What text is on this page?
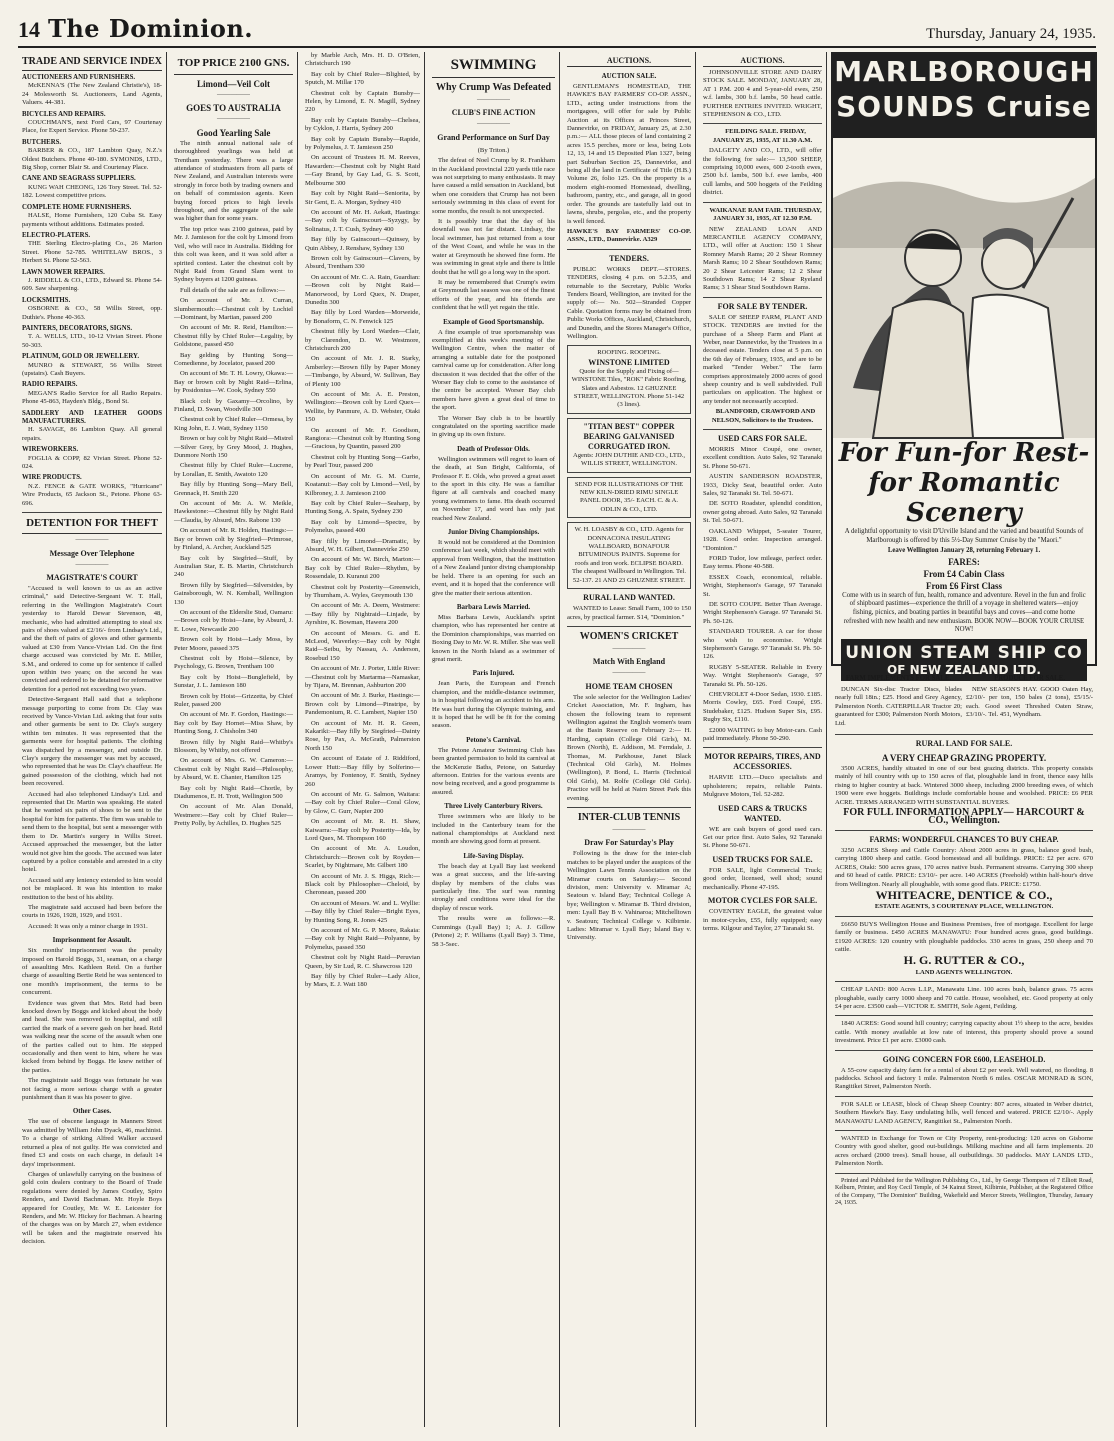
14 The Dominion.	Thursday, January 24, 1935.
TRADE AND SERVICE INDEX
AUCTIONEERS AND FURNISHERS.
McKENNA'S (The New Zealand Christie's), 18-24 Molesworth St. Auctioneers, Land Agents, Valuers. 44-381.
BICYCLES AND REPAIRS.
COUCHMAN'S, next Ford Cars, 97 Courtenay Place, for Expert Service. Phone 50-237.
BUTCHERS.
BARBER & CO., 187 Lambton Quay, N.Z.'s Oldest Butchers. Phone 40-180. SYMONDS, LTD., Big Shop, corner Blair St. and Courtenay Place.
CANE AND SEAGRASS SUPPLIERS.
KUNG WAH CHEONG, 126 Tory Street. Tel. 52-182. Lowest competitive prices.
COMPLETE HOME FURNISHERS.
HALSE, Home Furnishers, 120 Cuba St. Easy payments without additions. Estimates posted.
ELECTRO-PLATERS.
THE Sterling Electro-plating Co., 26 Marion Street. Phone 52-785. WHITELAW BROS., 3 Herbert St. Phone 52-563.
LAWN MOWER REPAIRS.
J. RIDDELL & CO., LTD., Edward St. Phone 54-609. Saw sharpening.
LOCKSMITHS.
OSBORNE & CO., 58 Willis Street, opp. Duthie's. Phone 40-363.
PAINTERS, DECORATORS, SIGNS.
T. A. WELLS, LTD., 10-12 Vivian Street. Phone 50-303.
PLATINUM, GOLD OR JEWELLERY.
MUNRO & STEWART, 56 Willis Street (upstairs). Cash Buyers.
RADIO REPAIRS.
MEGAN'S Radio Service for all Radio Repairs. Phone 45-863, Hayden's Bldg., Bond St.
SADDLERY AND LEATHER GOODS MANUFACTURERS.
H. SAVAGE, 86 Lambton Quay. All general repairs.
WIREWORKERS.
FOGLIA & COPP, 82 Vivian Street. Phone 52-024.
WIRE PRODUCTS.
N.Z. FENCE & GATE WORKS, "Hurricane" Wire Products, 65 Jackson St., Petone. Phone 63-696.
DETENTION FOR THEFT
—————
Message Over Telephone
—————
MAGISTRATE'S COURT
"Accused is well known to us as an active criminal," said Detective-Sergeant W. T. Hall, referring in the Wellington Magistrate's Court yesterday to Harold Dewar Stevenson, 48, mechanic, who had admitted attempting to steal six pairs of shoes valued at £2/16/- from Lindsay's Ltd., and the theft of pairs of gloves and other garments valued at £30 from Vance-Vivian Ltd. On the first charge accused was convicted by Mr. E. Miller, S.M., and ordered to come up for sentence if called upon within two years; on the second he was convicted and ordered to be detained for reformative detention for a period not exceeding two years.
Detective-Sergeant Hall said that a telephone message purporting to come from Dr. Clay was received by Vance-Vivian Ltd. asking that four suits and other garments be sent to Dr. Clay's surgery within ten minutes. It was represented that the garments were for hospital patients. The clothing was dispatched by a messenger, and outside Dr. Clay's surgery the messenger was met by accused, who represented that he was Dr. Clay's chauffeur. He gained possession of the clothing, which had not been recovered.
Accused had also telephoned Lindsay's Ltd. and represented that Dr. Martin was speaking. He stated that he wanted six pairs of shoes to be sent to the hospital for him for patients. The firm was unable to send them to the hospital, but sent a messenger with them to Dr. Martin's surgery in Willis Street. Accused approached the messenger, but the latter would not give him the goods. The accused was later captured by a police constable and arrested in a city hotel.
Accused said any leniency extended to him would not be misplaced. It was his intention to make restitution to the best of his ability.
The magistrate said accused had been before the courts in 1926, 1928, 1929, and 1931.
Accused: It was only a minor charge in 1931.
Imprisonment for Assault.
Six months' imprisonment was the penalty imposed on Harold Boggs, 31, seaman, on a charge of assaulting Mrs. Kathleen Reid. On a further charge of assaulting Bertie Reid he was sentenced to one month's imprisonment, the terms to be concurrent.
Evidence was given that Mrs. Reid had been knocked down by Boggs and kicked about the body and head. She was removed to hospital, and still carried the mark of a severe gash on her head. Reid was walking near the scene of the assault when one of the parties called out to him. He stepped occasionally and then went to him, where he was kicked from behind by Boggs. He knew neither of the parties.
The magistrate said Boggs was fortunate he was not facing a more serious charge with a greater punishment than it was his power to give.
Other Cases.
The use of obscene language in Manners Street was admitted by William John Dyack, 46, machinist. To a charge of striking Alfred Walker accused returned a plea of not guilty. He was convicted and fined £3 and costs on each charge, in default 14 days' imprisonment.
Charges of unlawfully carrying on the business of gold coin dealers contrary to the Board of Trade regulations were denied by James Coutley, Spiro Renders, and David Bachman. Mr. Hoyle Boys appeared for Coutley, Mr. W. E. Leicester for Renders, and Mr. W. Hickey for Bachman. A hearing of the charges was on by March 27, when evidence will be taken and the magistrate reserved his decision.
TOP PRICE 2100 GNS.
Limond—Veil Colt
—————
GOES TO AUSTRALIA
—————
Good Yearling Sale
The ninth annual national sale of thoroughbred yearlings was held at Trentham yesterday. There was a large attendance of studmasters from all parts of New Zealand, and Australian interests were strongly in force both by trading owners and on behalf of commission agents. Keen buying forced prices to high levels throughout, and the aggregate of the sale was higher than for some years.
The top price was 2100 guineas, paid by Mr. J. Jamieson for the colt by Limond from Veil, who will race in Australia. Bidding for this colt was keen, and it was sold after a spirited contest. Later the chestnut colt by Night Raid from Grand Slam went to Sydney buyers at 1200 guineas.
Full details of the sale are as follows:—
On account of Mr. J. Curran, Slumbermouth:—Chestnut colt by Lochiel—Dominant, by Martian, passed 200
On account of Mr. R. Reid, Hamilton:—Chestnut filly by Chief Ruler—Legality, by Goldstone, passed 450
Bay gelding by Hunting Song—Comedienne, by Jocelator, passed 200
On account of Mr. T. H. Lowry, Okawa:—Bay or brown colt by Night Raid—Erlina, by Posidonius—W. Cook, Sydney 550
Black colt by Gaxamy—Orcolino, by Finland, D. Swan, Woodville 300
Chestnut colt by Chief Ruler—Ormesa, by King John, E. J. Watt, Sydney 1150
Brown or bay colt by Night Raid—Mistrel—Silver Grey, by Grey Mood, J. Hughes, Dunmore North 150
Chestnut filly by Chief Ruler—Lucrene, by Lorallan, E. Smith, Awatoto 120
Bay filly by Hunting Song—Mary Bell, Grennack, H. Smith 220
On account of Mr. A. W. Meikle, Hawkestone:—Chestnut filly by Night Raid—Claudia, by Absurd, Mrs. Rabone 130
On account of Mr. R. Holden, Hastings:—Bay or brown colt by Siegfried—Primrose, by Finland, A. Archer, Auckland 525
Bay colt by Siegfried—Stuff, by Australian Star, E. B. Martin, Christchurch 240
Brown filly by Siegfried—Silversides, by Gainsborough, W. N. Kemball, Wellington 130
On account of the Elderslie Stud, Oamaru:—Brown colt by Hoist—Jane, by Absurd, J. E. Lowe, Newcastle 200
Brown colt by Hoist—Lady Moss, by Peter Moore, passed 375
Chestnut colt by Hoist—Silence, by Psychology, G. Brown, Trentham 100
Bay colt by Hoist—Bunglefield, by Sunstar, J. L. Jamieson 180
Brown colt by Hoist—Grizzetta, by Chief Ruler, passed 200
On account of Mr. F. Gordon, Hastings:—Bay colt by Bay Hornet—Miss Shaw, by Hunting Song, J. Chisholm 340
Brown filly by Night Raid—Whitby's Blossom, by Whitby, not offered
On account of Mrs. G. W. Cameron:—Chestnut colt by Night Raid—Philosophy, by Absurd, W. E. Chanter, Hamilton 125
Bay colt by Night Raid—Chortle, by Diadumenos, E. H. Trott, Wellington 500
On account of Mr. Alan Donald, Westmere:—Bay colt by Chief Ruler—Pretty Polly, by Achilles, D. Hughes 525
by Marble Arch, Mrs. H. D. O'Brien, Christchurch 190
Bay colt by Chief Ruler—Blighted, by Sputch, M. Millar 170
Chestnut colt by Captain Bunsby—Helen, by Limond, E. N. Magill, Sydney 220
Bay colt by Captain Bunsby—Chelsea, by Cyklon, J. Harris, Sydney 200
Bay colt by Captain Bunsby—Rapide, by Polymelus, J. T. Jamieson 250
On account of Trustees H. M. Reeves, Hawarden:—Chestnut colt by Night Raid—Gay Brand, by Gay Lad, G. S. Scott, Melbourne 300
Bay colt by Night Raid—Seniorita, by Sir Gent, E. A. Morgan, Sydney 410
On account of Mr. H. Aekatt, Hastings:—Bay colt by Gainscourt—Syzygy, by Solinatus, J. T. Cush, Sydney 400
Bay filly by Gainscourt—Quinsey, by Quin Abbey, J. Renshaw, Sydney 130
Brown colt by Gainscourt—Clavers, by Absurd, Trentham 330
On account of Mr. C. A. Rain, Guardian:—Brown colt by Night Raid—Manorwood, by Lord Quex, N. Draper, Dunedin 300
Bay filly by Lord Warden—Morweide, by Bonaform, C. N. Fenwick 125
Chestnut filly by Lord Warden—Clair, by Clarendon, D. W. Westmore, Christchurch 200
On account of Mr. J. R. Starky, Amberley:—Brown filly by Paper Money—Timbango, by Absurd, W. Sullivan, Bay of Plenty 100
On account of Mr. A. E. Preston, Wellington:—Brown colt by Lord Quex—Wellite, by Panmure, A. D. Webster, Otaki 150
On account of Mr. F. Goodison, Rangiora:—Chestnut colt by Hunting Song—Gracious, by Quantin, passed 200
Chestnut colt by Hunting Song—Garbo, by Pearl Tour, passed 200
On account of Mr. G. M. Currie, Koatanui:—Bay colt by Limond—Veil, by Kilbroney, J. J. Jamieson 2100
Bay colt by Chief Ruler—Seaharp, by Hunting Song, A. Spain, Sydney 230
Bay colt by Limond—Spectre, by Polymelus, passed 400
Bay filly by Limond—Dramatic, by Absurd, W. H. Gilbert, Dannevirke 250
On account of Mr. W. Birch, Marton:—Bay colt by Chief Ruler—Rhythm, by Rossendale, D. Kuranui 200
Chestnut colt by Posterity—Greenwich, by Thurnham, A. Wyles, Greymouth 130
On account of Mr. A. Deem, Westmere:—Bay filly by Nightraid—Linjade, by Ayrshire, K. Bowman, Hawera 200
On account of Messrs. G. and E. McLeod, Waverley:—Bay colt by Night Raid—Seibu, by Nassau, A. Anderson, Rosebud 150
On account of Mr. J. Porter, Little River:—Chestnut colt by Martarma—Namaskar, by Tijara, M. Brennan, Ashburton 200
On account of Mr. J. Burke, Hastings:—Brown colt by Limond—Pinstripe, by Pandemonium, R. C. Lambert, Napier 150
On account of Mr. H. R. Green, Kakariki:—Bay filly by Siegfried—Dainty Rose, by Pax, A. McGrath, Palmerston North 150
On account of Estate of J. Riddiford, Lower Hutt:—Bay filly by Solferino—Aramys, by Fontenoy, F. Smith, Sydney 260
On account of Mr. G. Salmon, Waitara:—Bay colt by Chief Ruler—Coral Glow, by Glow, C. Gurr, Napier 200
On account of Mr. R. H. Shaw, Kaiwarra:—Bay colt by Posterity—Ida, by Lord Quex, M. Thompson 160
On account of Mr. A. Loudon, Christchurch:—Brown colt by Royden—Scarlet, by Nightmare, Mr. Gilbert 180
On account of Mr. J. S. Higgs, Rich:—Black colt by Philosopher—Cheloid, by Cheronean, passed 200
On account of Messrs. W. and L. Wyllie:—Bay filly by Chief Ruler—Bright Eyes, by Hunting Song, R. Jones 425
On account of Mr. G. P. Moore, Rakaia:—Bay colt by Night Raid—Polyanne, by Polymelus, passed 350
Chestnut colt by Night Raid—Peruvian Queen, by Sir Lud, R. C. Shawcross 120
Bay filly by Chief Ruler—Lady Alice, by Mars, E. J. Watt 180
SWIMMING
Why Crump Was Defeated
—————
CLUB'S FINE ACTION
—————
Grand Performance on Surf Day
(By Triton.)
The defeat of Noel Crump by R. Frankham in the Auckland provincial 220 yards title race was not surprising to many enthusiasts. It may have caused a mild sensation in Auckland, but when one considers that Crump has not been seriously swimming in this class of event for some months, the result is not unexpected.
It is possibly true that the day of his downfall was not far distant. Lindsay, the local swimmer, has just returned from a tour of the West Coast, and while he was in the water at Greymouth he showed fine form. He was swimming in great style and there is little doubt that he will go a long way in the sport.
It may be remembered that Crump's swim at Greymouth last season was one of the finest efforts of the year, and his friends are confident that he will yet regain the title.
Example of Good Sportsmanship.
A fine example of true sportsmanship was exemplified at this week's meeting of the Wellington Centre, when the matter of arranging a suitable date for the postponed carnival came up for consideration. After long discussion it was decided that the offer of the Worser Bay club to come to the assistance of the centre be accepted. Worser Bay club members have given a great deal of time to the sport.
The Worser Bay club is to be heartily congratulated on the sporting sacrifice made in giving up its own fixture.
Death of Professor Olds.
Wellington swimmers will regret to learn of the death, at Sun Bright, California, of Professor F. E. Olds, who proved a great asset to the sport in this city. He was a familiar figure at all carnivals and coached many young swimmers to fame. His death occurred on November 17, and word has only just reached New Zealand.
Junior Diving Championships.
It would not be considered at the Dominion conference last week, which should meet with approval from Wellington, that the institution of a New Zealand junior diving championship be held. There is an opening for such an event, and it is hoped that the conference will give the matter their serious attention.
Barbara Lewis Married.
Miss Barbara Lewis, Auckland's sprint champion, who has represented her centre at the Dominion championships, was married on Boxing Day to Mr. W. R. Miller. She was well known in the North Island as a swimmer of great merit.
Paris Injured.
Jean Paris, the European and French champion, and the middle-distance swimmer, is in hospital following an accident to his arm. He was hurt during the Olympic training, and it is hoped that he will be fit for the coming season.
Petone's Carnival.
The Petone Amateur Swimming Club has been granted permission to hold its carnival at the McKenzie Baths, Petone, on Saturday afternoon. Entries for the various events are now being received, and a good programme is assured.
Three Lively Canterbury Rivers.
Three swimmers who are likely to be included in the Canterbury team for the national championships at Auckland next month are showing good form at present.
Life-Saving Display.
The beach day at Lyall Bay last weekend was a great success, and the life-saving display by members of the clubs was particularly fine. The surf was running strongly and conditions were ideal for the display of rescue work.
The results were as follows:—R. Cummings (Lyall Bay) 1; A. J. Gillow (Petone) 2; F. Williams (Lyall Bay) 3. Time, 58 3-5sec.
AUCTIONS.
AUCTION SALE.
GENTLEMAN'S HOMESTEAD, THE HAWKE'S BAY FARMERS' CO-OP. ASSN., LTD., acting under instructions from the mortgagees, will offer for sale by Public Auction at its Offices at Princes Street, Dannevirke, on FRIDAY, January 25, at 2.30 p.m.:— ALL those pieces of land containing 2 acres 15.5 perches, more or less, being Lots 12, 13, 14 and 15 Deposited Plan 1327, being part Suburban Section 25, Dannevirke, and being all the land in Certificate of Title (H.B.) Volume 26, folio 125. On the property is a modern eight-roomed Homestead, dwelling, bathroom, pantry, etc., and garage, all in good order. The grounds are tastefully laid out in lawns, shrubs, pergolas, etc., and the property is well fenced.
HAWKE'S BAY FARMERS' CO-OP. ASSN., LTD., Dannevirke. A329
TENDERS.
PUBLIC WORKS DEPT.—STORES. TENDERS, closing 4 p.m. on 5.2.35, and returnable to the Secretary, Public Works Tenders Board, Wellington, are invited for the supply of:— No. 502—Stranded Copper Cable. Quotation forms may be obtained from Public Works Offices, Auckland, Christchurch, and Dunedin, and the Stores Manager's Office, Wellington.
ROOFING. ROOFING.
WINSTONE LIMITED
Quote for the Supply and Fixing of—WINSTONE Tiles, "ROK" Fabric Roofing, Slates and Asbestos. 12 GHUZNEE STREET, WELLINGTON. Phone 51-142 (3 lines).
"TITAN BEST" COPPER BEARING GALVANISED CORRUGATED IRON.
Agents: JOHN DUTHIE AND CO., LTD., WILLIS STREET, WELLINGTON.
SEND FOR ILLUSTRATIONS OF THE NEW KILN-DRIED RIMU SINGLE PANEL DOOR, 35/- EACH. C. & A. ODLIN & CO., LTD.
W. H. LOASBY & CO., LTD. Agents for DONNACONA INSULATING WALLBOARD, BONAFOUR BITUMINOUS PAINTS. Supreme for roofs and iron work. ECLIPSE BOARD. The cheapest Wallboard in Wellington. Tel. 52-137. 21 AND 23 GHUZNEE STREET.
RURAL LAND WANTED.
WANTED to Lease: Small Farm, 100 to 150 acres, by practical farmer. S14, "Dominion."
WOMEN'S CRICKET
—————
Match With England
—————
HOME TEAM CHOSEN
The sole selector for the Wellington Ladies' Cricket Association, Mr. F. Ingham, has chosen the following team to represent Wellington against the English women's team at the Basin Reserve on February 2:— H. Harding, captain (College Old Girls), M. Brown (North), E. Addison, M. Ferndale, J. Thomas, M. Parkhouse, Janet Black (Technical Old Girls), M. Holmes (Wellington), P. Bond, L. Harris (Technical Old Girls), M. Rolfe (College Old Girls). Practice will be held at Nairn Street Park this evening.
INTER-CLUB TENNIS
—————
Draw For Saturday's Play
Following is the draw for the inter-club matches to be played under the auspices of the Wellington Lawn Tennis Association on the Miramar courts on Saturday:— Second division, men: University v. Miramar A; Seatoun v. Island Bay; Technical College A bye; Wellington v. Miramar B. Third division, men: Lyall Bay B v. Vahinaroa; Mitchelltown v. Seatoun; Technical College v. Kilbirnie. Ladies: Miramar v. Lyall Bay; Island Bay v. University.
AUCTIONS.
JOHNSONVILLE STORE AND DAIRY STOCK SALE. MONDAY, JANUARY 28, AT 1 P.M. 200 4 and 5-year-old ewes, 250 w.f. lambs, 300 b.f. lambs, 50 head cattle. FURTHER ENTRIES INVITED. WRIGHT, STEPHENSON & CO., LTD.
FEILDING SALE. FRIDAY, JANUARY 25, 1935, AT 11.30 A.M.
DALGETY AND CO., LTD., will offer the following for sale:— 13,500 SHEEP, comprising 10,000 ewes, 600 2-tooth ewes, 2500 b.f. lambs, 500 b.f. ewe lambs, 400 cull lambs, and 500 hoggets of the Feilding district.
WAIKANAE RAM FAIR. THURSDAY, JANUARY 31, 1935, AT 12.30 P.M.
NEW ZEALAND LOAN AND MERCANTILE AGENCY COMPANY, LTD., will offer at Auction: 150 1 Shear Romney Marsh Rams; 20 2 Shear Romney Marsh Rams; 10 2 Shear Southdown Rams; 20 2 Shear Leicester Rams; 12 2 Shear Southdown Rams; 14 2 Shear Ryeland Rams; 3 1 Shear Stud Southdown Rams.
FOR SALE BY TENDER.
SALE OF SHEEP FARM, PLANT AND STOCK. TENDERS are invited for the purchase of a Sheep Farm and Plant at Weber, near Dannevirke, by the Trustees in a deceased estate. Tenders close at 5 p.m. on the 6th day of February, 1935, and are to be marked "Tender Weber." The farm comprises approximately 2000 acres of good sheep country and is well subdivided. Full particulars on application. The highest or any tender not necessarily accepted.
BLANDFORD, CRAWFORD AND NELSON, Solicitors to the Trustees.
USED CARS FOR SALE.
MORRIS Minor Coupé, one owner, excellent condition. Auto Sales, 92 Taranaki St. Phone 50-671.
AUSTIN SANDERSON ROADSTER, 1933, Dicky Seat, beautiful order. Auto Sales, 92 Taranaki St. Tel. 50-671.
DE SOTO Roadster, splendid condition, owner going abroad. Auto Sales, 92 Taranaki St. Tel. 50-671.
OAKLAND Whippet, 5-seater Tourer, 1928. Good order. Inspection arranged. "Dominion."
FORD Tudor, low mileage, perfect order. Easy terms. Phone 40-588.
ESSEX Coach, economical, reliable. Wright, Stephenson's Garage, 97 Taranaki St.
DE SOTO COUPE. Better Than Average. Wright Stephenson's Garage. 97 Taranaki St. Ph. 50-126.
STANDARD TOURER. A car for those who wish to economise. Wright Stephenson's Garage. 97 Taranaki St. Ph. 50-126.
RUGBY 5-SEATER. Reliable in Every Way. Wright Stephenson's Garage, 97 Taranaki St. Ph. 50-126.
CHEVROLET 4-Door Sedan, 1930. £185. Morris Cowley, £65. Ford Coupé, £95. Studebaker, £125. Hudson Super Six, £95. Rugby Six, £110.
£2000 WAITING to buy Motor-cars. Cash paid immediately. Phone 50-290.
MOTOR REPAIRS, TIRES, AND ACCESSORIES.
HARVIE LTD.—Duco specialists and upholsterers; repairs, reliable Paints. Mulgrave Motors, Tel. 52-282.
USED CARS & TRUCKS WANTED.
WE are cash buyers of good used cars. Get our price first. Auto Sales, 92 Taranaki St. Phone 50-671.
USED TRUCKS FOR SALE.
FOR SALE, light Commercial Truck; good order, licensed, well shod; sound mechanically. Phone 47-195.
MOTOR CYCLES FOR SALE.
COVENTRY EAGLE, the greatest value in motor-cycles, £55, fully equipped; easy terms. Kilgour and Taylor, 27 Taranaki St.
MARLBOROUGH
SOUNDS Cruise
For Fun-for Rest-
for Romantic Scenery
A delightful opportunity to visit D'Urville Island and the varied and beautiful Sounds of Marlborough is offered by this 5½-Day Summer Cruise by the "Maori."
Leave Wellington January 28, returning February 1.
FARES:
From £4 Cabin Class
From £6 First Class
Come with us in search of fun, health, romance and adventure. Revel in the fun and frolic of shipboard pastimes—experience the thrill of a voyage in sheltered waters—enjoy fishing, picnics, and boating parties in beautiful bays and coves—and come home refreshed with new health and new enthusiasm. BOOK NOW—BOOK YOUR CRUISE NOW!
UNION STEAM SHIP CO
OF NEW ZEALAND LTD.
FARM IMPLEMENTS FOR SALE.
DUNCAN Six-disc Tractor Discs, blades nearly full 18in.; £25. Hood and Grey Agency, Palmerston North. CATERPILLAR Tractor 20; guaranteed for £300; Palmerston North Motors, Ltd.
PRODUCE FOR SALE.
NEW SEASON'S HAY. GOOD Oaten Hay, £2/10/- per ton, 150 bales (2 tons), £5/15/- each. Good sweet Threshed Oaten Straw, £3/10/-. Tel. 451, Wyndham.
RURAL LAND FOR SALE.
A VERY CHEAP GRAZING PROPERTY.
3500 ACRES, handily situated in one of our best grazing districts. This property consists mainly of hill country with up to 150 acres of flat, ploughable land in front, thence easy hills rising to higher country at back. Wintered 3000 sheep, including 2000 breeding ewes, of which 1900 were ewe hoggets. Buildings include comfortable house and woolshed. PRICE: £6 PER ACRE. TERMS ARRANGED WITH SUBSTANTIAL BUYERS.
FOR FULL INFORMATION APPLY— HARCOURT & CO., Wellington.
FARMS: WONDERFUL CHANCES TO BUY CHEAP.
3250 ACRES Sheep and Cattle Country: About 2000 acres in grass, balance good bush, carrying 1800 sheep and cattle. Good homestead and all buildings. PRICE: £2 per acre. 670 ACRES, Otaki: 500 acres grass, 170 acres native bush. Permanent streams. Carrying 300 sheep and 60 head of cattle. PRICE: £3/10/- per acre. 140 ACRES (Freehold) within half-hour's drive from Wellington. Nearly all ploughable, with some good flats. PRICE: £1750.
WHITEACRE, DENTICE & CO.,
ESTATE AGENTS, 3 COURTENAY PLACE, WELLINGTON.
£6650 BUYS Wellington House and Business Premises, free of mortgage. Excellent for large family or business. £450 ACRES MANAWATU: Four hundred acres grass, good buildings. £1920 ACRES: 120 country with ploughable paddocks. 330 acres in grass, 250 sheep and 70 cattle.
H. G. RUTTER & CO.,
LAND AGENTS WELLINGTON.
CHEAP LAND: 800 Acres L.I.P., Manawatu Line. 100 acres bush, balance grass. 75 acres ploughable, easily carry 1000 sheep and 70 cattle. House, woolshed, etc. Good property at only £4 per acre. £3500 cash—VICTOR E. SMITH, Sole Agent, Feilding.
1840 ACRES: Good sound hill country; carrying capacity about 1½ sheep to the acre, besides cattle. With money available at low rate of interest, this property should prove a sound investment. Price £1 per acre. £3000 cash.
GOING CONCERN FOR £600, LEASEHOLD.
A 55-cow capacity dairy farm for a rental of about £2 per week. Well watered, no flooding. 8 paddocks. School and factory 1 mile. Palmerston North 6 miles. OSCAR MONRAD & SON, Rangitikei Street, Palmerston North.
FOR SALE or LEASE, block of Cheap Sheep Country: 807 acres, situated in Weber district, Southern Hawke's Bay. Easy undulating hills, well fenced and watered. PRICE £2/10/-. Apply MANAWATU LAND AGENCY, Rangitikei St., Palmerston North.
WANTED in Exchange for Town or City Property, rent-producing: 120 acres on Gisborne Country with good shelter, good out-buildings. Milking machine and all farm implements. 20 acres orchard (2000 trees). Small house, all outbuildings. 30 paddocks. MAY LANDS LTD., Palmerston North.
Printed and Published for the Wellington Publishing Co., Ltd., by George Thompson of 7 Elliott Road, Kelburn, Printer, and Roy Cecil Temple, of 34 Kainui Street, Kilbirnie, Publisher, at the Registered Office of the Company, "The Dominion" Building, Wakefield and Mercer Streets, Wellington, Thursday, January 24, 1935.
